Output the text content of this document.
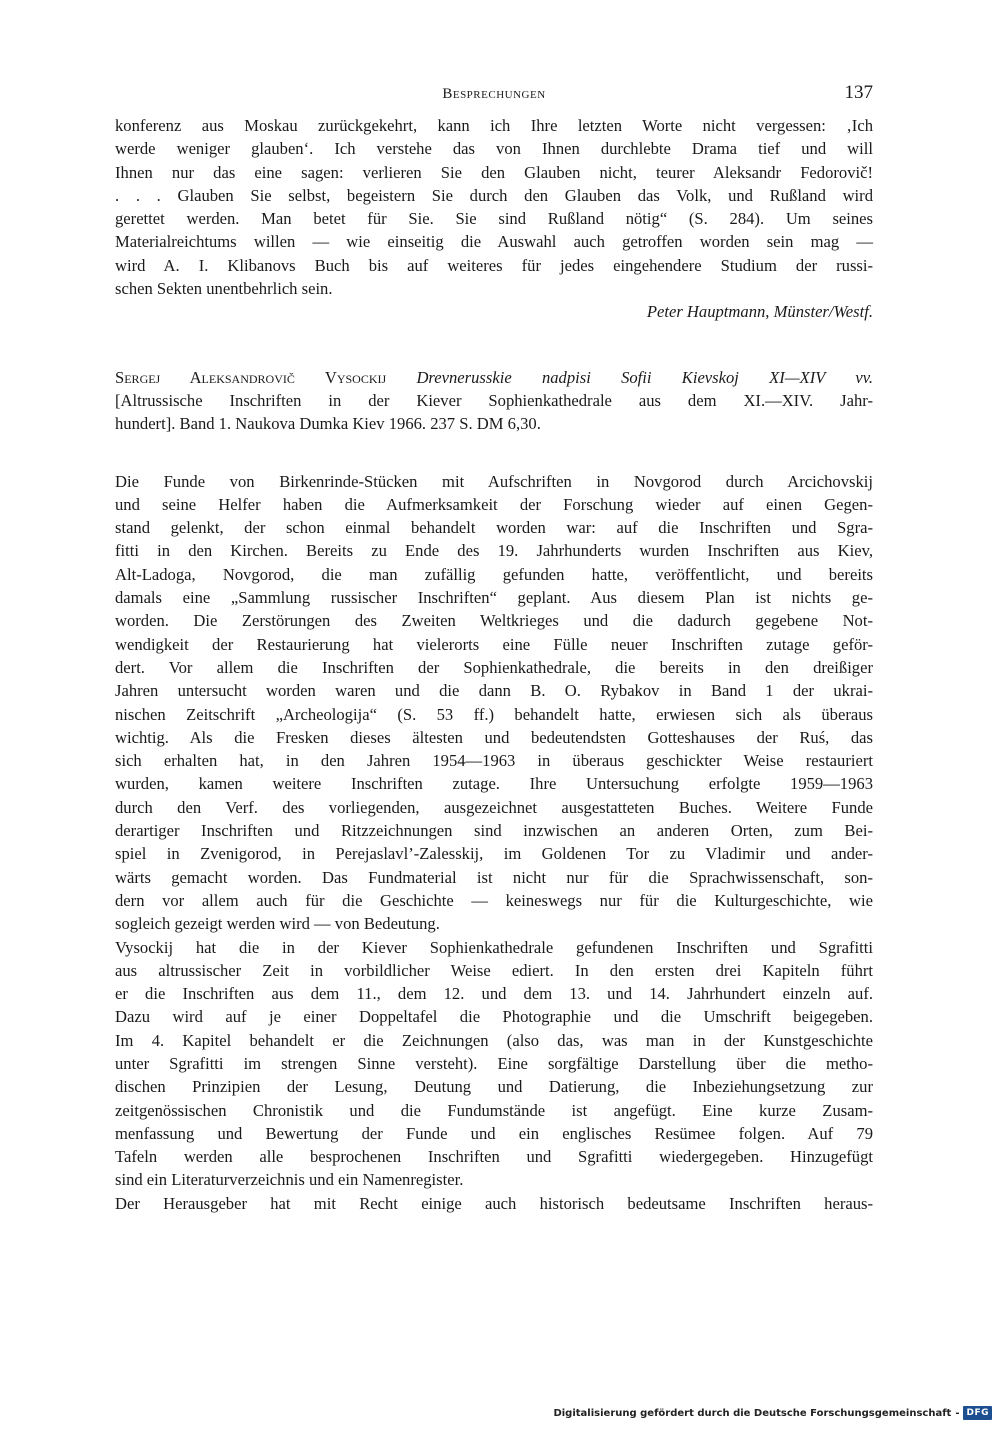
Besprechungen	137
konferenz aus Moskau zurückgekehrt, kann ich Ihre letzten Worte nicht vergessen: ‚Ich
werde weniger glauben‘. Ich verstehe das von Ihnen durchlebte Drama tief und will
Ihnen nur das eine sagen: verlieren Sie den Glauben nicht, teurer Aleksandr Fedorovič!
. . . Glauben Sie selbst, begeistern Sie durch den Glauben das Volk, und Rußland wird
gerettet werden. Man betet für Sie. Sie sind Rußland nötig“ (S. 284). Um seines
Materialreichtums willen — wie einseitig die Auswahl auch getroffen worden sein mag —
wird A. I. Klibanovs Buch bis auf weiteres für jedes eingehendere Studium der russi-
schen Sekten unentbehrlich sein.
Peter Hauptmann, Münster/Westf.
Sergej Aleksandrovič Vysockij Drevnerusskie nadpisi Sofii Kievskoj XI—XIV vv.
[Altrussische Inschriften in der Kiever Sophienkathedrale aus dem XI.—XIV. Jahr-
hundert]. Band 1. Naukova Dumka Kiev 1966. 237 S. DM 6,30.
Die Funde von Birkenrinde-Stücken mit Aufschriften in Novgorod durch Arcichovskij
und seine Helfer haben die Aufmerksamkeit der Forschung wieder auf einen Gegen-
stand gelenkt, der schon einmal behandelt worden war: auf die Inschriften und Sgra-
fitti in den Kirchen. Bereits zu Ende des 19. Jahrhunderts wurden Inschriften aus Kiev,
Alt-Ladoga, Novgorod, die man zufällig gefunden hatte, veröffentlicht, und bereits
damals eine „Sammlung russischer Inschriften“ geplant. Aus diesem Plan ist nichts ge-
worden. Die Zerstörungen des Zweiten Weltkrieges und die dadurch gegebene Not-
wendigkeit der Restaurierung hat vielerorts eine Fülle neuer Inschriften zutage geför-
dert. Vor allem die Inschriften der Sophienkathedrale, die bereits in den dreißiger
Jahren untersucht worden waren und die dann B. O. Rybakov in Band 1 der ukrai-
nischen Zeitschrift „Archeologija“ (S. 53 ff.) behandelt hatte, erwiesen sich als überaus
wichtig. Als die Fresken dieses ältesten und bedeutendsten Gotteshauses der Ruś, das
sich erhalten hat, in den Jahren 1954—1963 in überaus geschickter Weise restauriert
wurden, kamen weitere Inschriften zutage. Ihre Untersuchung erfolgte 1959—1963
durch den Verf. des vorliegenden, ausgezeichnet ausgestatteten Buches. Weitere Funde
derartiger Inschriften und Ritzzeichnungen sind inzwischen an anderen Orten, zum Bei-
spiel in Zvenigorod, in Perejaslavl’-Zalesskij, im Goldenen Tor zu Vladimir und ander-
wärts gemacht worden. Das Fundmaterial ist nicht nur für die Sprachwissenschaft, son-
dern vor allem auch für die Geschichte — keineswegs nur für die Kulturgeschichte, wie
sogleich gezeigt werden wird — von Bedeutung.
Vysockij hat die in der Kiever Sophienkathedrale gefundenen Inschriften und Sgrafitti
aus altrussischer Zeit in vorbildlicher Weise ediert. In den ersten drei Kapiteln führt
er die Inschriften aus dem 11., dem 12. und dem 13. und 14. Jahrhundert einzeln auf.
Dazu wird auf je einer Doppeltafel die Photographie und die Umschrift beigegeben.
Im 4. Kapitel behandelt er die Zeichnungen (also das, was man in der Kunstgeschichte
unter Sgrafitti im strengen Sinne versteht). Eine sorgfältige Darstellung über die metho-
dischen Prinzipien der Lesung, Deutung und Datierung, die Inbeziehungsetzung zur
zeitgenössischen Chronistik und die Fundumstände ist angefügt. Eine kurze Zusam-
menfassung und Bewertung der Funde und ein englisches Resümee folgen. Auf 79
Tafeln werden alle besprochenen Inschriften und Sgrafitti wiedergegeben. Hinzugefügt
sind ein Literaturverzeichnis und ein Namenregister.
Der Herausgeber hat mit Recht einige auch historisch bedeutsame Inschriften heraus-
Digitalisierung gefördert durch die Deutsche Forschungsgemeinschaft - DFG
